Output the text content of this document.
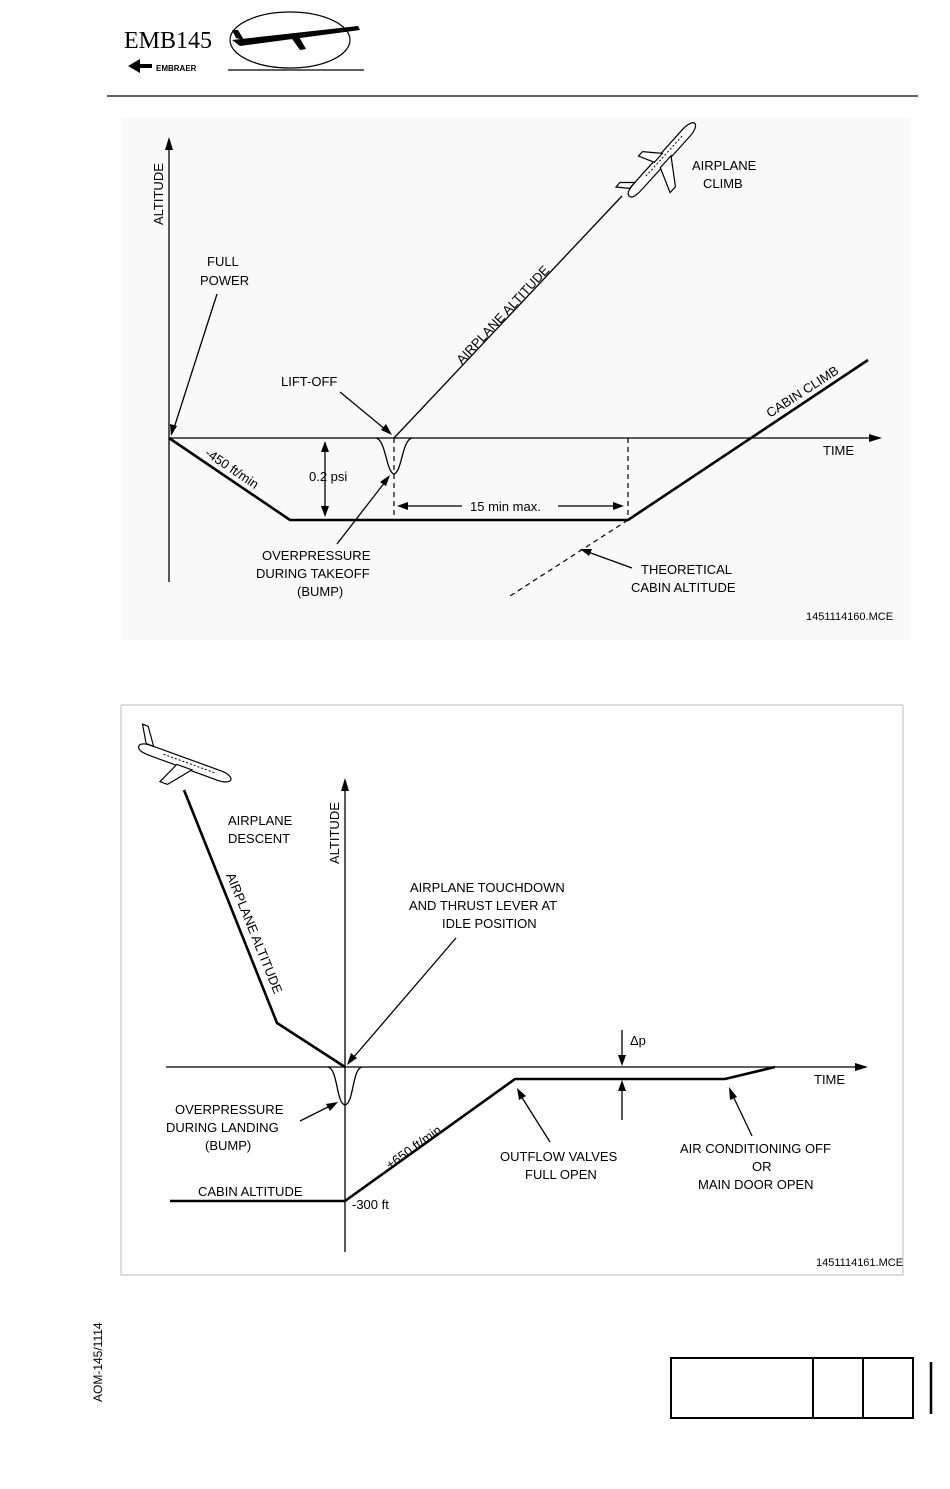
EMB145
EMBRAER
ALTITUDE
TIME
AIRPLANE ALTITUDE
0.2 psi
15 min max.
-450 ft/min
FULL
POWER
LIFT-OFF
AIRPLANE
CLIMB
CABIN CLIMB
OVERPRESSURE
DURING TAKEOFF
(BUMP)
THEORETICAL
CABIN ALTITUDE
1451114160.MCE
ALTITUDE
TIME
AIRPLANE ALTITUDE
AIRPLANE
DESCENT
AIRPLANE TOUCHDOWN
AND THRUST LEVER AT
IDLE POSITION
Δp
OVERPRESSURE
DURING LANDING
(BUMP)	+650 ft/min	OUTFLOW VALVES
FULL OPEN
AIR CONDITIONING OFF
OR
MAIN DOOR OPEN
CABIN ALTITUDE
-300 ft
1451114161.MCE
AOM-145/1114
